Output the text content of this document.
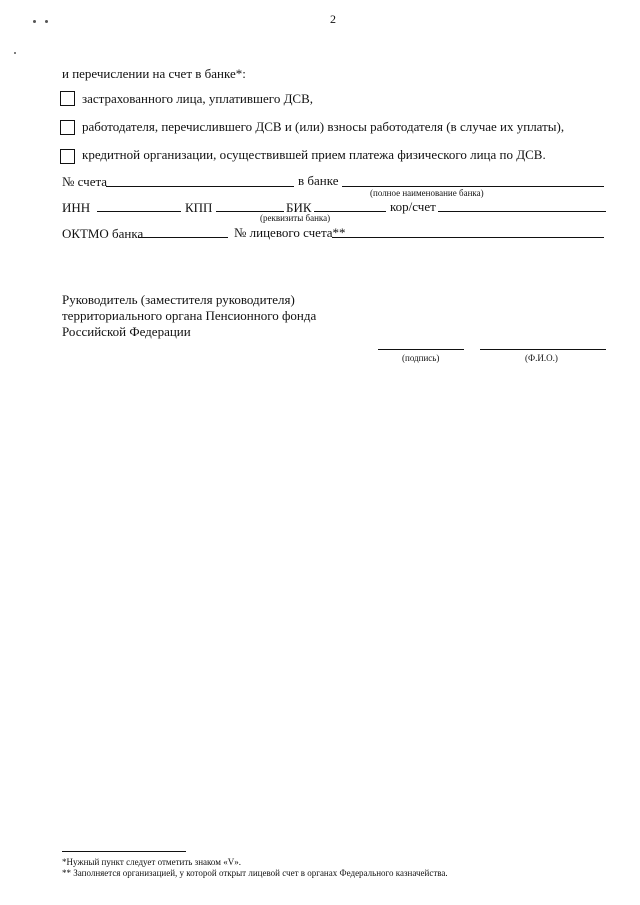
2
и перечислении на счет в банке*:
застрахованного лица, уплатившего ДСВ,
работодателя, перечислившего ДСВ и (или) взносы работодателя (в случае их уплаты),
кредитной организации, осуществившей прием платежа физического лица по ДСВ.
№ счета	в банке
(полное наименование банка)
ИНН	КПП	БИК	кор/счет
(реквизиты банка)
ОКТМО банка	№ лицевого счета**
Руководитель (заместителя руководителя)
территориального органа Пенсионного фонда
Российской Федерации
(подпись)	(Ф.И.О.)
*Нужный пункт следует отметить знаком «V».
** Заполняется организацией, у которой открыт лицевой счет в органах Федерального казначейства.
